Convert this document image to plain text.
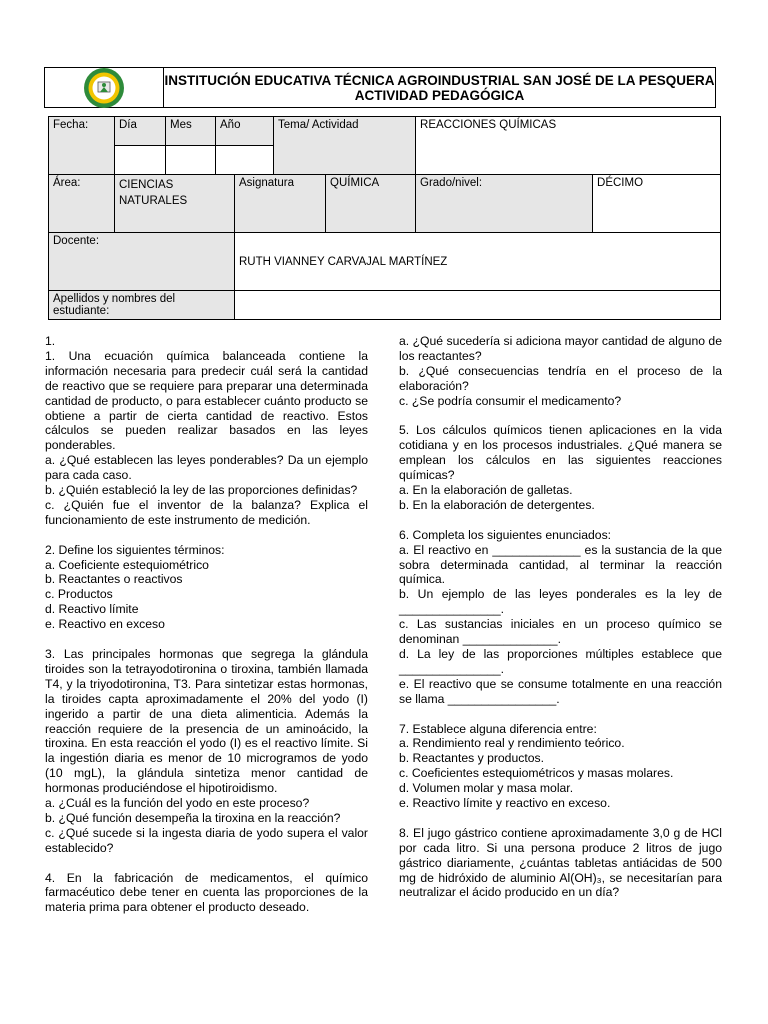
INSTITUCIÓN EDUCATIVA TÉCNICA AGROINDUSTRIAL SAN JOSÉ DE LA PESQUERA
ACTIVIDAD PEDAGÓGICA
Fecha:	Día	Mes	Año		Tema/ Actividad		REACCIONES QUÍMICAS	

Área:	CIENCIAS NATURALES			Asignatura		QUÍMICA	Grado/nivel:	DÉCIMO
Docente:				RUTH VIANNEY CARVAJAL MARTÍNEZ				
Apellidos y nombres del estudiante:								

1.

1. Una ecuación química balanceada contiene la información necesaria para predecir cuál será la cantidad de reactivo que se requiere para preparar una determinada cantidad de producto, o para establecer cuánto producto se obtiene a partir de cierta cantidad de reactivo. Estos cálculos se pueden realizar basados en las leyes ponderables.

a. ¿Qué establecen las leyes ponderables? Da un ejemplo para cada caso.

b. ¿Quién estableció la ley de las proporciones definidas?

c. ¿Quién fue el inventor de la balanza? Explica el funcionamiento de este instrumento de medición.

2. Define los siguientes términos:

a. Coeficiente estequiométrico

b. Reactantes o reactivos

c. Productos

d. Reactivo límite

e. Reactivo en exceso

3. Las principales hormonas que segrega la glándula tiroides son la tetrayodotironina o tiroxina, también llamada T4, y la triyodotironina, T3. Para sintetizar estas hormonas, la tiroides capta aproximadamente el 20% del yodo (I) ingerido a partir de una dieta alimenticia. Además la reacción requiere de la presencia de un aminoácido, la tiroxina. En esta reacción el yodo (I) es el reactivo límite. Si la ingestión diaria es menor de 10 microgramos de yodo (10 mgL), la glándula sintetiza menor cantidad de hormonas produciéndose el hipotiroidismo.

a. ¿Cuál es la función del yodo en este proceso?

b. ¿Qué función desempeña la tiroxina en la reacción?

c. ¿Qué sucede si la ingesta diaria de yodo supera el valor establecido?

4. En la fabricación de medicamentos, el químico farmacéutico debe tener en cuenta las proporciones de la materia prima para obtener el producto deseado.

a. ¿Qué sucedería si adiciona mayor cantidad de alguno de los reactantes?

b. ¿Qué consecuencias tendría en el proceso de la elaboración?

c. ¿Se podría consumir el medicamento?

5. Los cálculos químicos tienen aplicaciones en la vida cotidiana y en los procesos industriales. ¿Qué manera se emplean los cálculos en las siguientes reacciones químicas?

a. En la elaboración de galletas.

b. En la elaboración de detergentes.

6. Completa los siguientes enunciados:

a. El reactivo en _____________ es la sustancia de la que sobra determinada cantidad, al terminar la reacción química.

b. Un ejemplo de las leyes ponderales es la ley de _______________.

c. Las sustancias iniciales en un proceso químico se denominan ______________.

d. La ley de las proporciones múltiples establece que _______________.

e. El reactivo que se consume totalmente en una reacción se llama ________________.

7. Establece alguna diferencia entre:

a. Rendimiento real y rendimiento teórico.

b. Reactantes y productos.

c. Coeficientes estequiométricos y masas molares.

d. Volumen molar y masa molar.

e. Reactivo límite y reactivo en exceso.

8. El jugo gástrico contiene aproximadamente 3,0 g de HCl por cada litro. Si una persona produce 2 litros de jugo gástrico diariamente, ¿cuántas tabletas antiácidas de 500 mg de hidróxido de aluminio Al(OH)₃, se necesitarían para neutralizar el ácido producido en un día?
